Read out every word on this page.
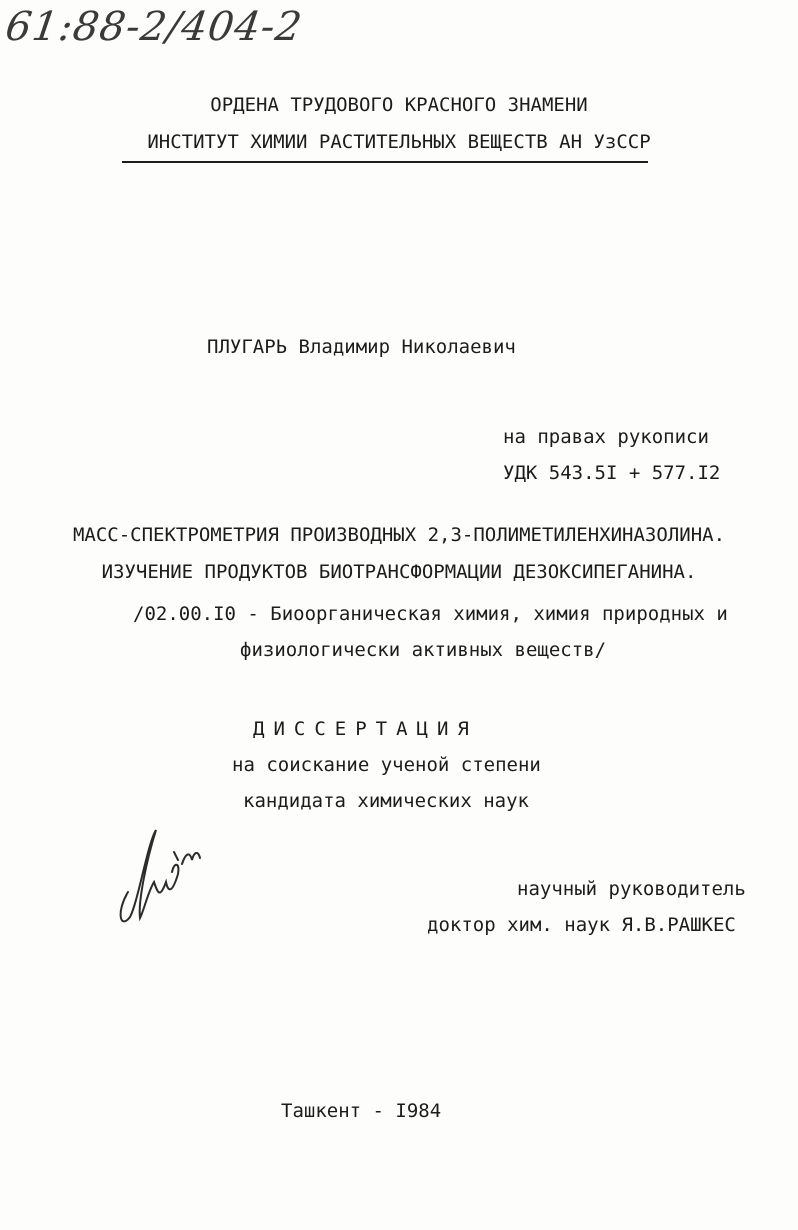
61:88-2/404-2
ОРДЕНА ТРУДОВОГО КРАСНОГО ЗНАМЕНИ
ИНСТИТУТ ХИМИИ РАСТИТЕЛЬНЫХ ВЕЩЕСТВ АН УзССР
ПЛУГАРЬ Владимир Николаевич
на правах рукописи
УДК 543.5I + 577.I2
МАСС-СПЕКТРОМЕТРИЯ ПРОИЗВОДНЫХ 2,3-ПОЛИМЕТИЛЕНХИНАЗОЛИНА.
ИЗУЧЕНИЕ ПРОДУКТОВ БИОТРАНСФОРМАЦИИ ДЕЗОКСИПЕГАНИНА.
/02.00.I0 - Биоорганическая химия, химия природных и
физиологически активных веществ/
ДИССЕРТАЦИЯ
на соискание ученой степени
кандидата химических наук
научный руководитель
доктор хим. наук Я.В.РАШКЕС
Ташкент - I984
